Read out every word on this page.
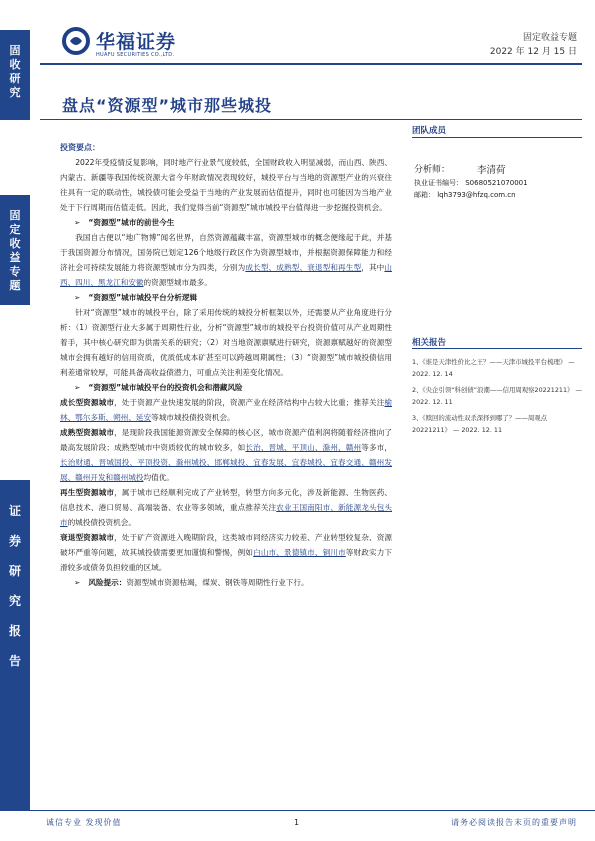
固
收
研
究
固
定
收
益
专
题
证
券
研
究
报
告
华福证券
HUAFU SECURITIES CO.,LTD.
固定收益专题
2022 年 12 月 15 日
盘点“资源型”城市那些城投
投资要点：

2022年受疫情反复影响，同时地产行业景气度较低，全国财政收入明显减弱，而山西、陕西、内蒙古、新疆等我国传统资源大省今年财政情况表现较好，城投平台与当地的资源型产业的兴衰往往具有一定的联动性，城投债可能会受益于当地的产业发展而估值提升，同时也可能因为当地产业处于下行周期而估值走低。因此，我们觉得当前“资源型”城市城投平台值得进一步挖掘投资机会。

➢ “资源型”城市的前世今生

我国自古便以“地广物博”闻名世界，自然资源蕴藏丰富，资源型城市的概念便缘起于此，并基于我国资源分布情况，国务院已划定126个地级行政区作为资源型城市，并根据资源保障能力和经济社会可持续发展能力将资源型城市分为四类，分别为成长型、成熟型、衰退型和再生型，其中山西、四川、黑龙江和安徽的资源型城市最多。

➢ “资源型”城市城投平台分析逻辑

针对“资源型”城市的城投平台，除了采用传统的城投分析框架以外，还需要从产业角度进行分析：（1）资源型行业大多属于周期性行业，分析“资源型”城市的城投平台投资价值可从产业周期性着手，其中核心研究即为供需关系的研究；（2）对当地资源禀赋进行研究，资源禀赋越好的资源型城市会拥有越好的信用资质，优质低成本矿甚至可以跨越周期属性；（3）“资源型”城市城投债信用利差通常较厚，可能具备高收益债潜力，可重点关注利差变化情况。

➢ “资源型”城市城投平台的投资机会和潜藏风险

成长型资源城市，处于资源产业快速发展的阶段，资源产业在经济结构中占较大比重；推荐关注榆林、鄂尔多斯、朔州、延安等城市城投债投资机会。

成熟型资源城市，是现阶段我国能源资源安全保障的核心区，城市资源产值利润将随着经济推向了最高发展阶段；成熟型城市中资质较优的城市较多，如长治、晋城、平顶山、滁州、赣州等多市，长治财通、晋城国投、平顶投资、滁州城投、邯郸城投、宜春发展、宜春城投、宜春交通、赣州发展、赣州开发和赣州城投均值优。

再生型资源城市，属于城市已经顺利完成了产业转型，转型方向多元化，涉及新能源、生物医药、信息技术、港口贸易、高端装备、农业等多领域，重点推荐关注农业王国南阳市、新能源龙头包头市的城投债投资机会。

衰退型资源城市，处于矿产资源进入晚期阶段，这类城市同经济实力较差、产业转型较复杂、资源破坏严重等问题，故其城投债需要更加谨慎和警惕，例如白山市、景德镇市、铜川市等财政实力下滑较多或债务负担较重的区域。

➢ 风险提示：资源型城市资源枯竭，煤炭、钢铁等周期性行业下行。

团队成员
分析师：	李清荷
执业证书编号： S0680521070001
邮箱： lqh3793@hfzq.com.cn
相关报告
1、《谁是天津性价比之王？——天津市城投平台梳理》 — 2022. 12. 14
2、《央企引领“科创债”浪潮——信用周观察20221211》 — 2022. 12. 11
3、《赎回的流动性双杀深择到哪了？——周观点 20221211》 — 2022. 12. 11
诚信专业 发现价值	1	请务必阅读报告末页的重要声明
